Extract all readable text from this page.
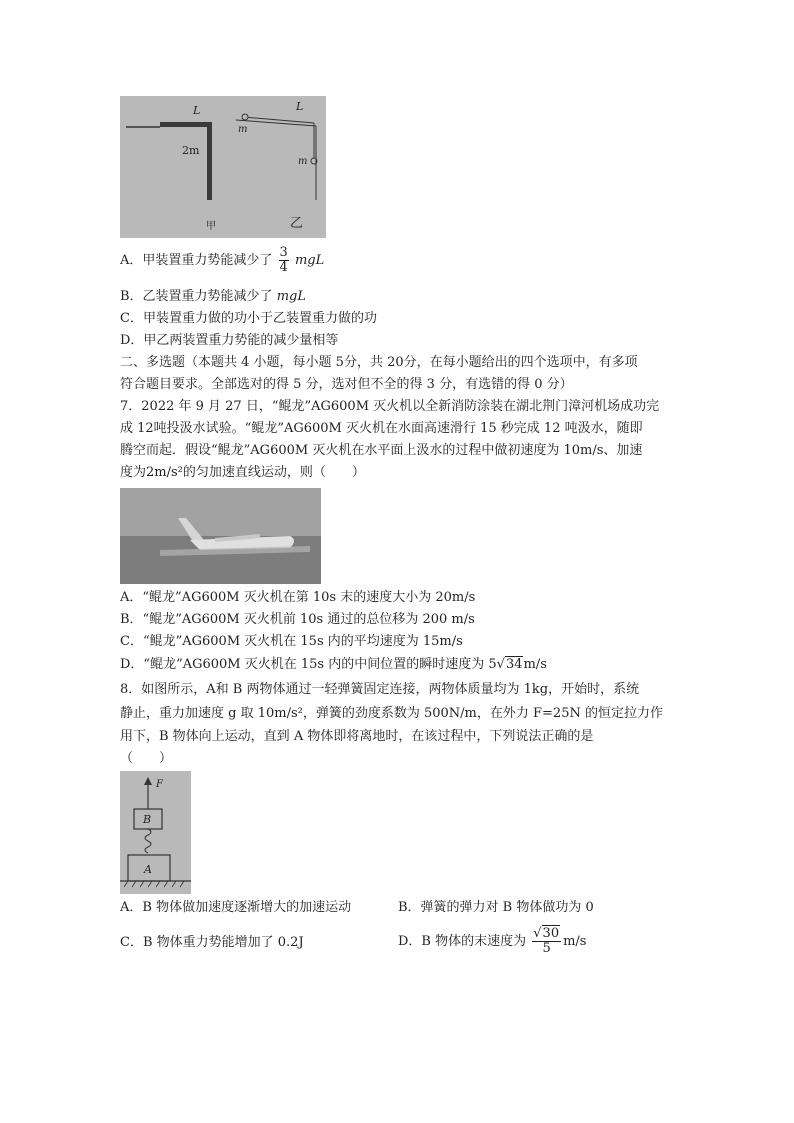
L
2m
甲
L
m
m
乙
A．甲装置重力势能减少了 $\frac{3}{4}$ mgL
B．乙装置重力势能减少了 mgL
C．甲装置重力做的功小于乙装置重力做的功
D．甲乙两装置重力势能的减少量相等
二、多选题（本题共 4 小题，每小题 5分，共 20分，在每小题给出的四个选项中，有多项
符合题目要求。全部选对的得 5 分，选对但不全的得 3 分，有选错的得 0 分）
7．2022 年 9 月 27 日，“鲲龙”AG600M 灭火机以全新消防涂装在湖北荆门漳河机场成功完
成 12吨投汲水试验。“鲲龙”AG600M 灭火机在水面高速滑行 15 秒完成 12 吨汲水，随即
腾空而起．假设“鲲龙”AG600M 灭火机在水平面上汲水的过程中做初速度为 10m/s、加速
度为2m/s²的匀加速直线运动，则（　　）
A．“鲲龙”AG600M 灭火机在第 10s 末的速度大小为 20m/s
B．“鲲龙”AG600M 灭火机前 10s 通过的总位移为 200 m/s
C．“鲲龙”AG600M 灭火机在 15s 内的平均速度为 15m/s
D．“鲲龙”AG600M 灭火机在 15s 内的中间位置的瞬时速度为 5√34m/s
8．如图所示，A和 B 两物体通过一轻弹簧固定连接，两物体质量均为 1kg，开始时，系统
静止，重力加速度 g 取 10m/s²，弹簧的劲度系数为 500N/m，在外力 F=25N 的恒定拉力作
用下，B 物体向上运动，直到 A 物体即将离地时，在该过程中，下列说法正确的是
（　　）
F
B
A
A．B 物体做加速度逐渐增大的加速运动	B．弹簧的弹力对 B 物体做功为 0
C．B 物体重力势能增加了 0.2J	D．B 物体的末速度为 $\frac{√30}{5} m/s$
